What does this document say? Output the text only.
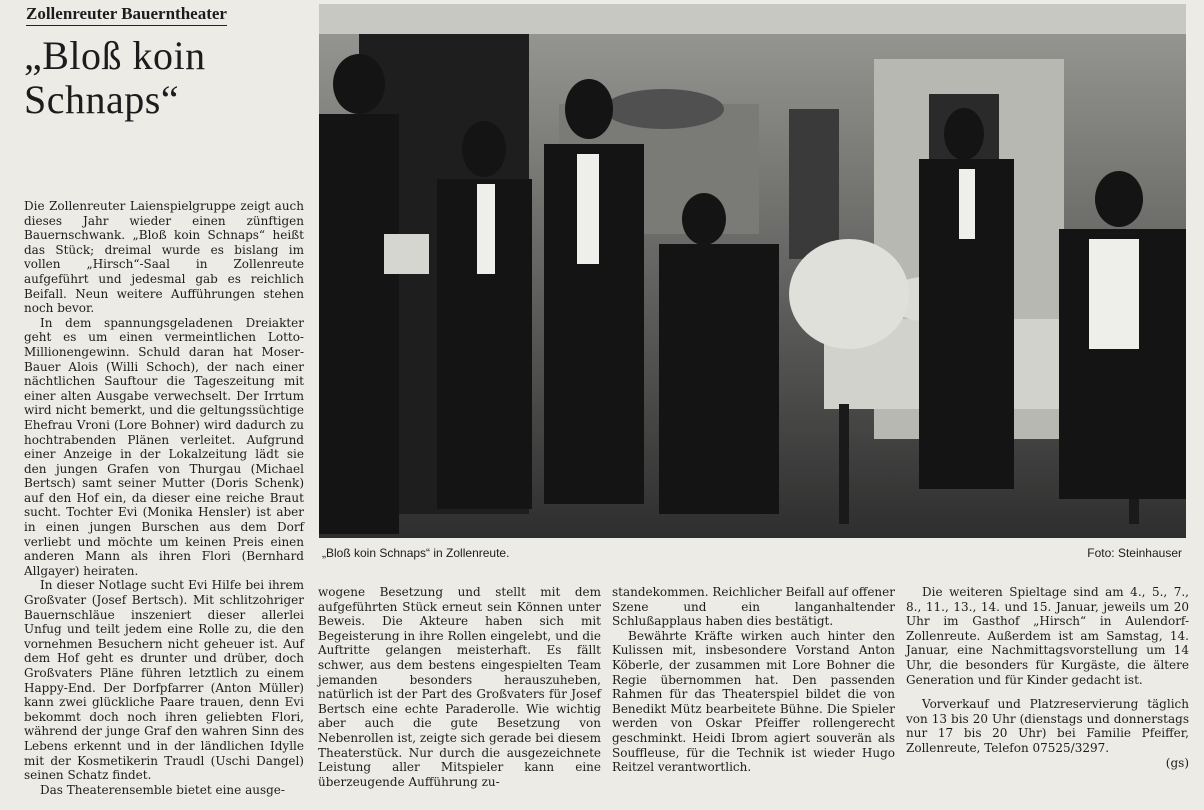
Zollenreuter Bauerntheater
„Bloß koin Schnaps“

Die Zollenreuter Laienspielgruppe zeigt auch dieses Jahr wieder einen zünftigen Bauernschwank. „Bloß koin Schnaps“ heißt das Stück; dreimal wurde es bislang im vollen „Hirsch“-Saal in Zollenreute aufgeführt und jedesmal gab es reichlich Beifall. Neun weitere Aufführungen stehen noch bevor.

In dem spannungsgeladenen Dreiakter geht es um einen vermeintlichen Lotto-Millionengewinn. Schuld daran hat Moser-Bauer Alois (Willi Schoch), der nach einer nächtlichen Sauftour die Tageszeitung mit einer alten Ausgabe verwechselt. Der Irrtum wird nicht bemerkt, und die geltungssüchtige Ehefrau Vroni (Lore Bohner) wird dadurch zu hochtrabenden Plänen verleitet. Aufgrund einer Anzeige in der Lokalzeitung lädt sie den jungen Grafen von Thurgau (Michael Bertsch) samt seiner Mutter (Doris Schenk) auf den Hof ein, da dieser eine reiche Braut sucht. Tochter Evi (Monika Hensler) ist aber in einen jungen Burschen aus dem Dorf verliebt und möchte um keinen Preis einen anderen Mann als ihren Flori (Bernhard Allgayer) heiraten.

In dieser Notlage sucht Evi Hilfe bei ihrem Großvater (Josef Bertsch). Mit schlitzohriger Bauernschläue inszeniert dieser allerlei Unfug und teilt jedem eine Rolle zu, die den vornehmen Besuchern nicht geheuer ist. Auf dem Hof geht es drunter und drüber, doch Großvaters Pläne führen letztlich zu einem Happy-End. Der Dorfpfarrer (Anton Müller) kann zwei glückliche Paare trauen, denn Evi bekommt doch noch ihren geliebten Flori, während der junge Graf den wahren Sinn des Lebens erkennt und in der ländlichen Idylle mit der Kosmetikerin Traudl (Uschi Dangel) seinen Schatz findet.

Das Theaterensemble bietet eine ausge-

„Bloß koin Schnaps“ in Zollenreute.	Foto: Steinhauser

wogene Besetzung und stellt mit dem aufgeführten Stück erneut sein Können unter Beweis. Die Akteure haben sich mit Begeisterung in ihre Rollen eingelebt, und die Auftritte gelangen meisterhaft. Es fällt schwer, aus dem bestens eingespielten Team jemanden besonders herauszuheben, natürlich ist der Part des Großvaters für Josef Bertsch eine echte Paraderolle. Wie wichtig aber auch die gute Besetzung von Nebenrollen ist, zeigte sich gerade bei diesem Theaterstück. Nur durch die ausgezeichnete Leistung aller Mitspieler kann eine überzeugende Aufführung zu-

standekommen. Reichlicher Beifall auf offener Szene und ein langanhaltender Schlußapplaus haben dies bestätigt.

Bewährte Kräfte wirken auch hinter den Kulissen mit, insbesondere Vorstand Anton Köberle, der zusammen mit Lore Bohner die Regie übernommen hat. Den passenden Rahmen für das Theaterspiel bildet die von Benedikt Mütz bearbeitete Bühne. Die Spieler werden von Oskar Pfeiffer rollengerecht geschminkt. Heidi Ibrom agiert souverän als Souffleuse, für die Technik ist wieder Hugo Reitzel verantwortlich.

Die weiteren Spieltage sind am 4., 5., 7., 8., 11., 13., 14. und 15. Januar, jeweils um 20 Uhr im Gasthof „Hirsch“ in Aulendorf-Zollenreute. Außerdem ist am Samstag, 14. Januar, eine Nachmittagsvorstellung um 14 Uhr, die besonders für Kurgäste, die ältere Generation und für Kinder gedacht ist.

Vorverkauf und Platzreservierung täglich von 13 bis 20 Uhr (dienstags und donnerstags nur 17 bis 20 Uhr) bei Familie Pfeiffer, Zollenreute, Telefon 07525/3297.

(gs)
